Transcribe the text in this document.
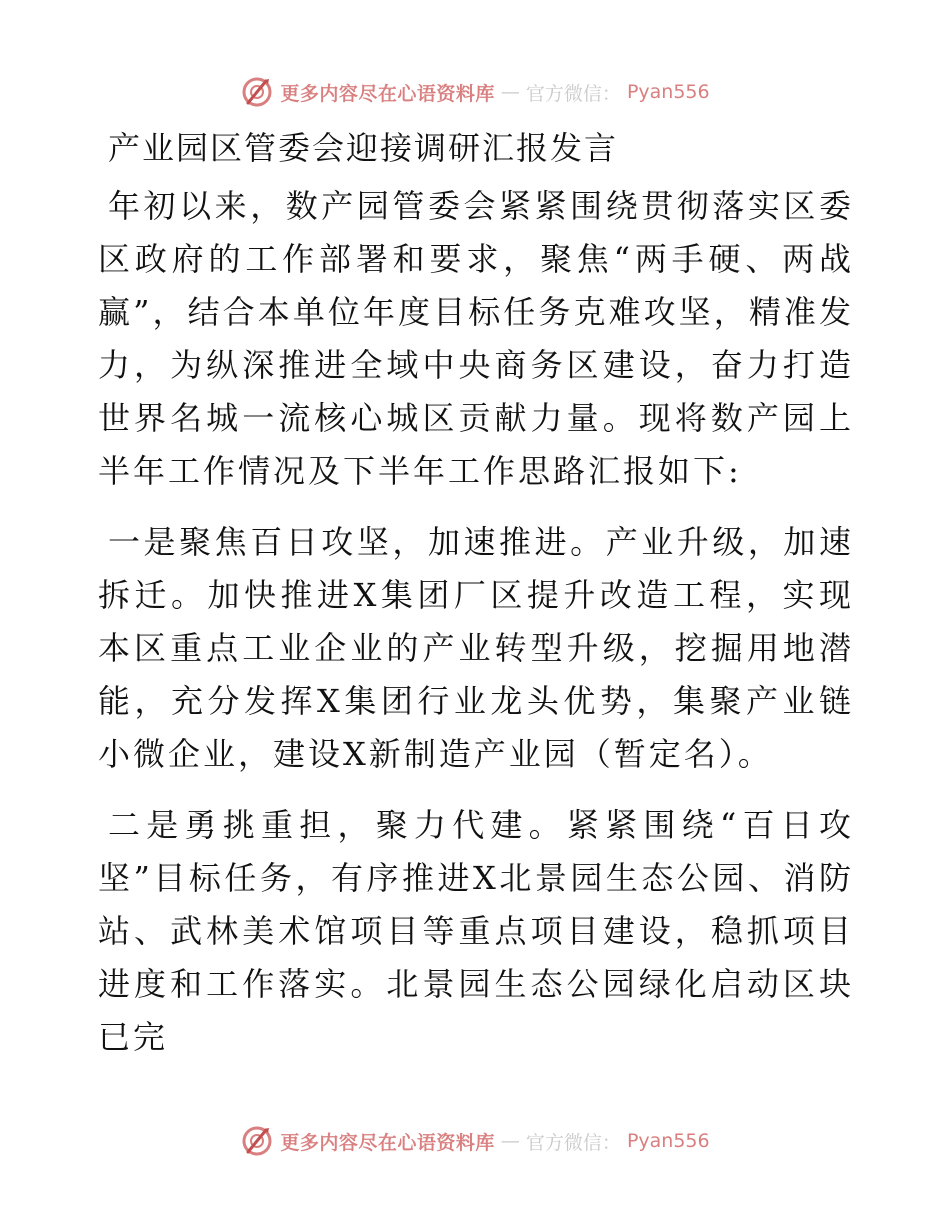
更多内容尽在心语资料库 — 官方微信： Pyan556
产业园区管委会迎接调研汇报发言

年初以来，数产园管委会紧紧围绕贯彻落实区委区政府的工作部署和要求，聚焦“两手硬、两战赢”，结合本单位年度目标任务克难攻坚，精准发力，为纵深推进全域中央商务区建设，奋力打造世界名城一流核心城区贡献力量。现将数产园上半年工作情况及下半年工作思路汇报如下:

一是聚焦百日攻坚，加速推进。产业升级，加速拆迁。加快推进X集团厂区提升改造工程，实现本区重点工业企业的产业转型升级，挖掘用地潜能，充分发挥X集团行业龙头优势，集聚产业链小微企业，建设X新制造产业园（暂定名）。

二是勇挑重担，聚力代建。紧紧围绕“百日攻坚”目标任务，有序推进X北景园生态公园、消防站、武林美术馆项目等重点项目建设，稳抓项目进度和工作落实。北景园生态公园绿化启动区块已完

更多内容尽在心语资料库 — 官方微信： Pyan556
